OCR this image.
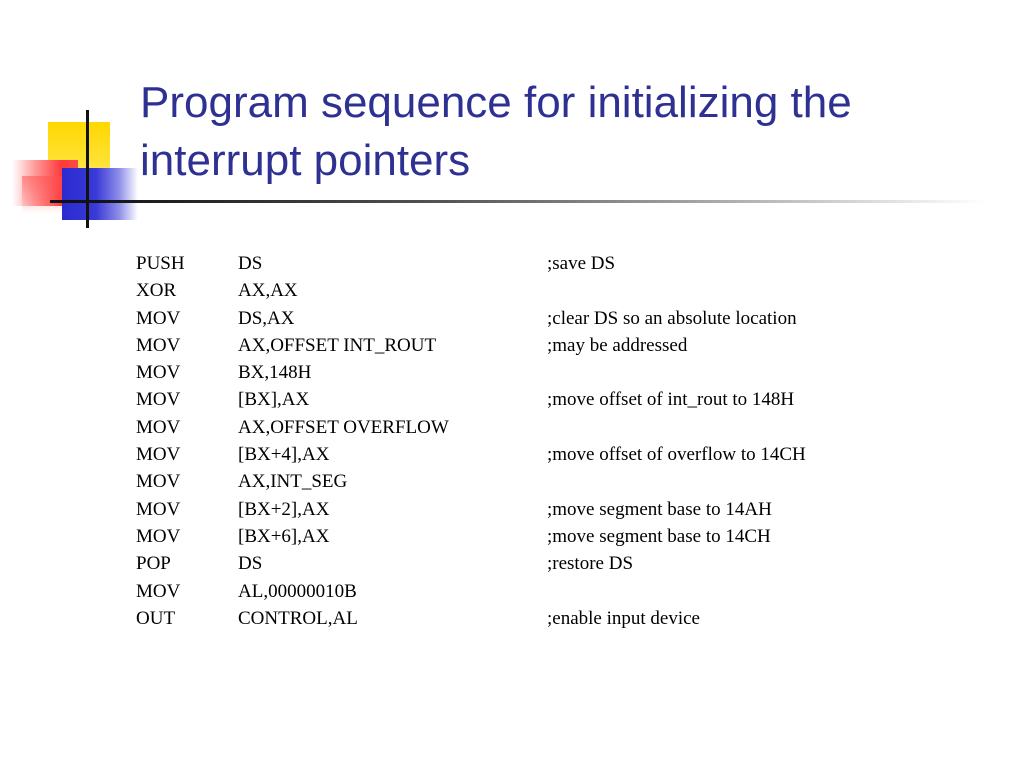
Program sequence for initializing the interrupt pointers
PUSH	DS	;save DS
XOR	AX,AX
MOV	DS,AX	;clear DS so an absolute location
MOV	AX,OFFSET INT_ROUT	;may be addressed
MOV	BX,148H
MOV	[BX],AX	;move offset of int_rout to 148H
MOV	AX,OFFSET OVERFLOW
MOV	[BX+4],AX	;move offset of overflow to 14CH
MOV	AX,INT_SEG
MOV	[BX+2],AX	;move segment base to 14AH
MOV	[BX+6],AX	;move segment base to 14CH
POP	DS	;restore DS
MOV	AL,00000010B
OUT	CONTROL,AL	;enable input device
